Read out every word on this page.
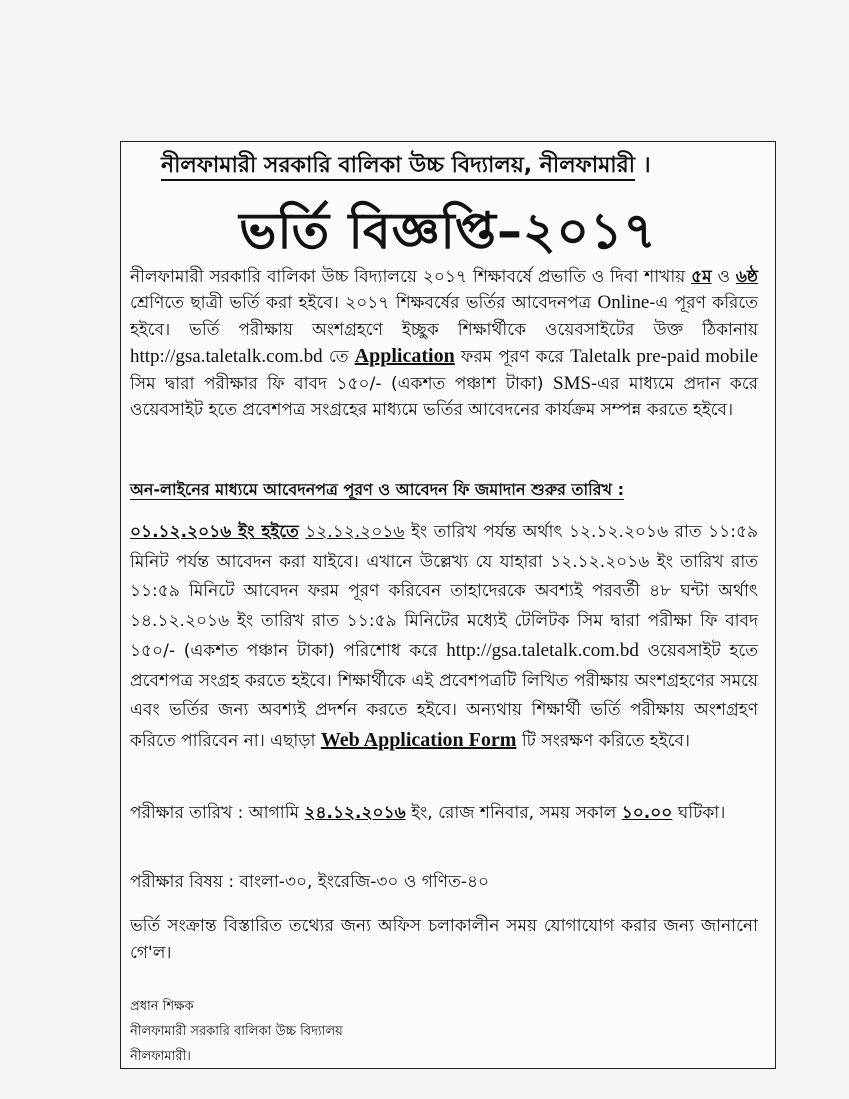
নীলফামারী সরকারি বালিকা উচ্চ বিদ্যালয়, নীলফামারী ।
ভর্তি বিজ্ঞপ্তি–২০১৭
নীলফামারী সরকারি বালিকা উচ্চ বিদ্যালয়ে ২০১৭ শিক্ষাবর্ষে প্রভাতি ও দিবা শাখায় ৫ম ও ৬ষ্ঠ শ্রেণিতে ছাত্রী ভর্তি করা হইবে। ২০১৭ শিক্ষবর্ষের ভর্তির আবেদনপত্র Online-এ পূরণ করিতে হইবে। ভর্তি পরীক্ষায় অংশগ্রহণে ইচ্ছুক শিক্ষার্থীকে ওয়েবসাইটের উক্ত ঠিকানায় http://gsa.taletalk.com.bd তে Application ফরম পূরণ করে Taletalk pre-paid mobile সিম দ্বারা পরীক্ষার ফি বাবদ ১৫০/- (একশত পঞ্চাশ টাকা) SMS-এর মাধ্যমে প্রদান করে ওয়েবসাইট হতে প্রবেশপত্র সংগ্রহের মাধ্যমে ভর্তির আবেদনের কার্যক্রম সম্পন্ন করতে হইবে।
অন-লাইনের মাধ্যমে আবেদনপত্র পূরণ ও আবেদন ফি জমাদান শুরুর তারিখ :
০১.১২.২০১৬ ইং হইতে ১২.১২.২০১৬ ইং তারিখ পর্যন্ত অর্থাৎ ১২.১২.২০১৬ রাত ১১:৫৯ মিনিট পর্যন্ত আবেদন করা যাইবে। এখানে উল্লেখ্য যে যাহারা ১২.১২.২০১৬ ইং তারিখ রাত ১১:৫৯ মিনিটে আবেদন ফরম পূরণ করিবেন তাহাদেরকে অবশ্যই পরবর্তী ৪৮ ঘন্টা অর্থাৎ ১৪.১২.২০১৬ ইং তারিখ রাত ১১:৫৯ মিনিটের মধ্যেই টেলিটক সিম দ্বারা পরীক্ষা ফি বাবদ ১৫০/- (একশত পঞ্চান টাকা) পরিশোধ করে http://gsa.taletalk.com.bd ওয়েবসাইট হতে প্রবেশপত্র সংগ্রহ করতে হইবে। শিক্ষার্থীকে এই প্রবেশপত্রটি লিখিত পরীক্ষায় অংশগ্রহণের সময়ে এবং ভর্তির জন্য অবশ্যই প্রদর্শন করতে হইবে। অন্যথায় শিক্ষার্থী ভর্তি পরীক্ষায় অংশগ্রহণ করিতে পারিবেন না। এছাড়া Web Application Form টি সংরক্ষণ করিতে হইবে।
পরীক্ষার তারিখ : আগামি ২৪.১২.২০১৬ ইং, রোজ শনিবার, সময় সকাল ১০.০০ ঘটিকা।
পরীক্ষার বিষয় : বাংলা-৩০, ইংরেজি-৩০ ও গণিত-৪০
ভর্তি সংক্রান্ত বিস্তারিত তথ্যের জন্য অফিস চলাকালীন সময় যোগাযোগ করার জন্য জানানো গে'ল।
প্রধান শিক্ষক
নীলফামারী সরকারি বালিকা উচ্চ বিদ্যালয়
নীলফামারী।
